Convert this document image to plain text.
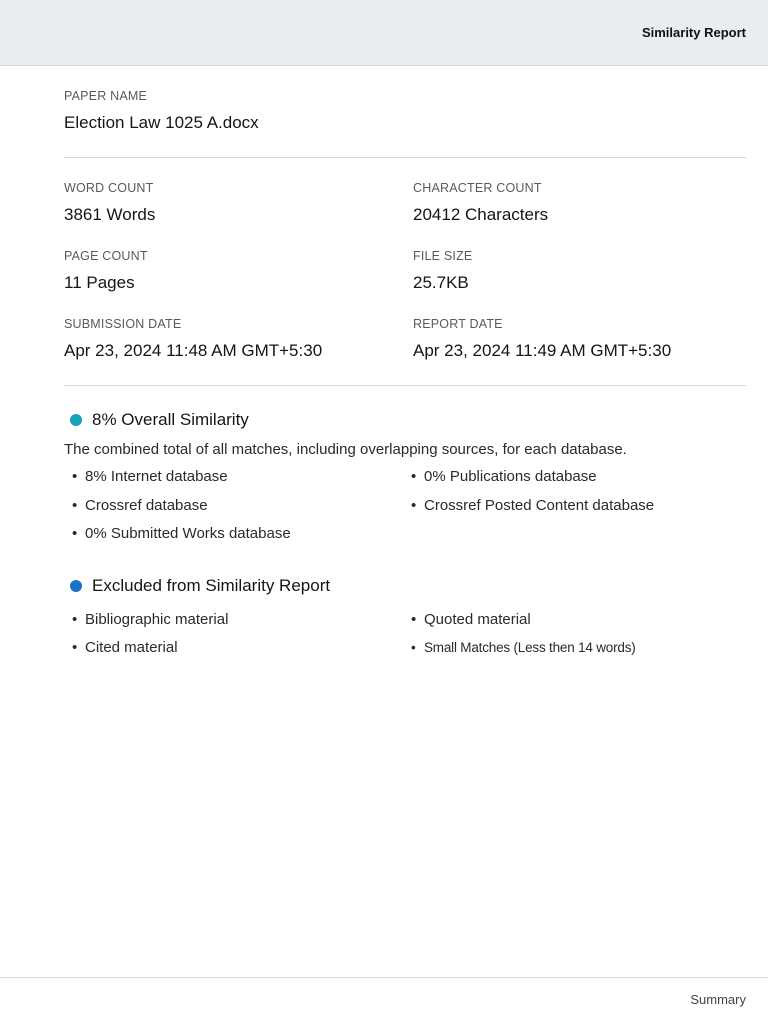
Similarity Report
PAPER NAME
Election Law 1025 A.docx
WORD COUNT
3861 Words
CHARACTER COUNT
20412 Characters
PAGE COUNT
11 Pages
FILE SIZE
25.7KB
SUBMISSION DATE
Apr 23, 2024 11:48 AM GMT+5:30
REPORT DATE
Apr 23, 2024 11:49 AM GMT+5:30
8% Overall Similarity
The combined total of all matches, including overlapping sources, for each database.
• 8% Internet database	• 0% Publications database
• Crossref database	• Crossref Posted Content database
• 0% Submitted Works database
Excluded from Similarity Report
• Bibliographic material	• Quoted material
• Cited material	• Small Matches (Less then 14 words)
Summary
